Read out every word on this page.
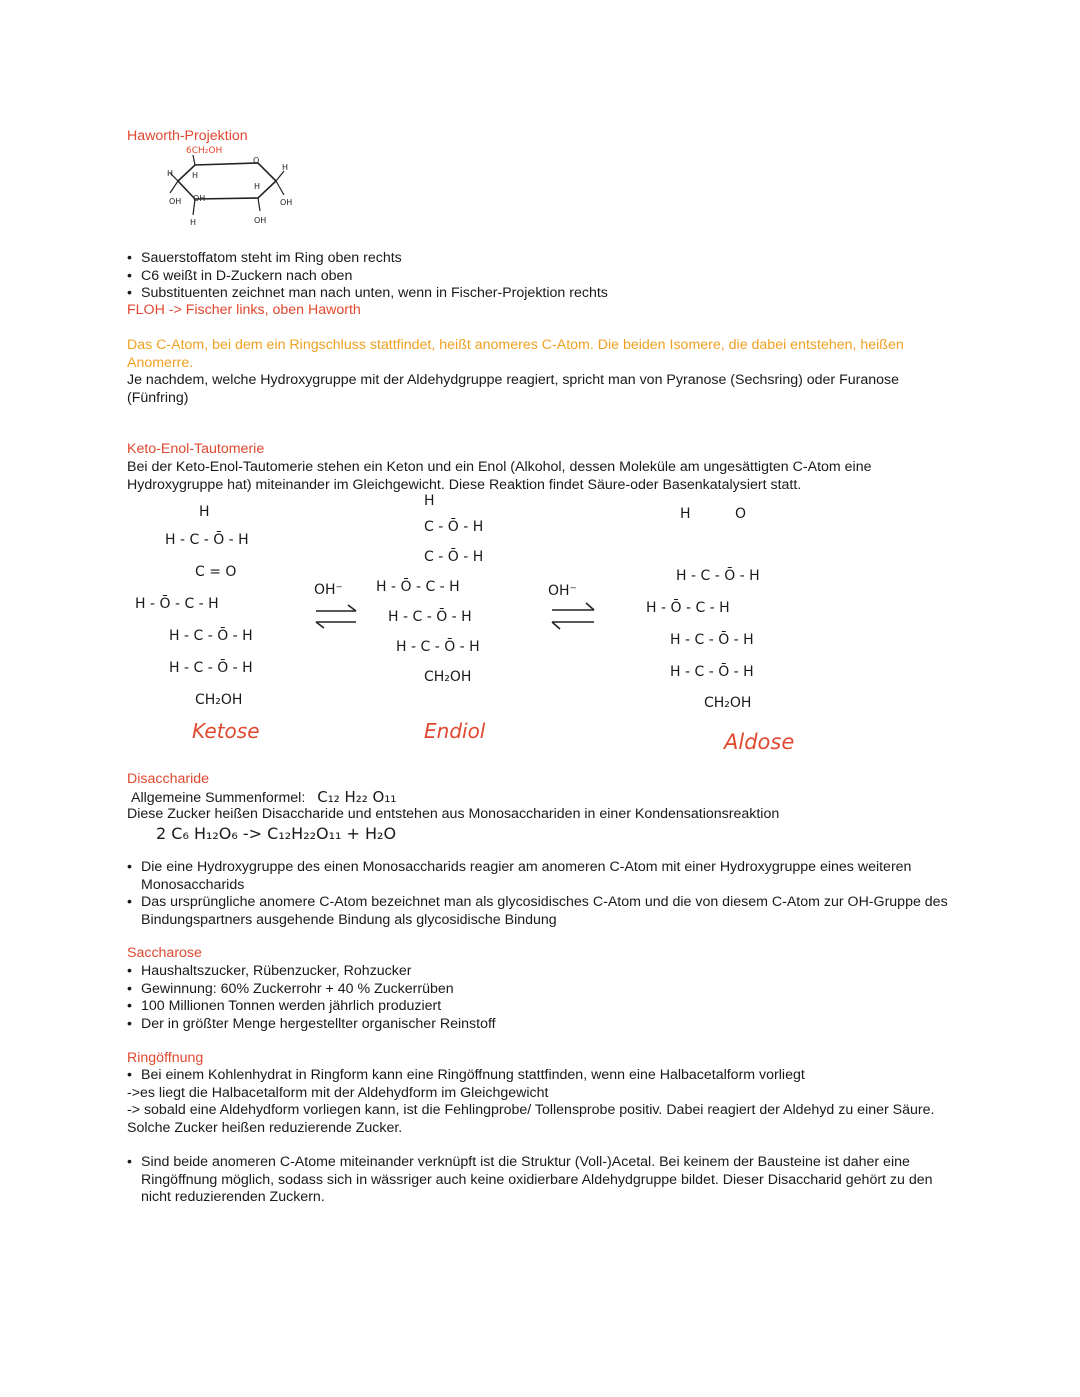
Haworth-Projektion
6CH₂OH
H
OH
H
OH
H
O
H
H
OH
OH
• Sauerstoffatom steht im Ring oben rechts
• C6 weißt in D-Zuckern nach oben
• Substituenten zeichnet man nach unten, wenn in Fischer-Projektion rechts
FLOH -> Fischer links, oben Haworth

Das C-Atom, bei dem ein Ringschluss stattfindet, heißt anomeres C-Atom. Die beiden Isomere, die dabei entstehen, heißen Anomerre.

Je nachdem, welche Hydroxygruppe mit der Aldehydgruppe reagiert, spricht man von Pyranose (Sechsring) oder Furanose (Fünfring)

Keto-Enol-Tautomerie

Bei der Keto-Enol-Tautomerie stehen ein Keton und ein Enol (Alkohol, dessen Moleküle am ungesättigten C-Atom eine Hydroxygruppe hat) miteinander im Gleichgewicht. Diese Reaktion findet Säure-oder Basenkatalysiert statt.

H
H - C - Ō - H
C = O
H - Ō - C - H
H - C - Ō - H
H - C - Ō - H
CH₂OH
Ketose
OH⁻
H
C - Ō - H
C - Ō - H
H - Ō - C - H
H - C - Ō - H
H - C - Ō - H
CH₂OH
Endiol
OH⁻
H	O
H - C - Ō - H
H - Ō - C - H
H - C - Ō - H
H - C - Ō - H
CH₂OH
Aldose
Disaccharide
Allgemeine Summenformel: C₁₂ H₂₂ O₁₁

Diese Zucker heißen Disaccharide und entstehen aus Monosacchariden in einer Kondensationsreaktion

2 C₆ H₁₂O₆ -> C₁₂H₂₂O₁₁ + H₂O
• Die eine Hydroxygruppe des einen Monosaccharids reagier am anomeren C-Atom mit einer Hydroxygruppe eines weiteren Monosaccharids
• Das ursprüngliche anomere C-Atom bezeichnet man als glycosidisches C-Atom und die von diesem C-Atom zur OH-Gruppe des Bindungspartners ausgehende Bindung als glycosidische Bindung
Saccharose
• Haushaltszucker, Rübenzucker, Rohzucker
• Gewinnung: 60% Zuckerrohr + 40 % Zuckerrüben
• 100 Millionen Tonnen werden jährlich produziert
• Der in größter Menge hergestellter organischer Reinstoff
Ringöffnung
• Bei einem Kohlenhydrat in Ringform kann eine Ringöffnung stattfinden, wenn eine Halbacetalform vorliegt

->es liegt die Halbacetalform mit der Aldehydform im Gleichgewicht

-> sobald eine Aldehydform vorliegen kann, ist die Fehlingprobe/ Tollensprobe positiv. Dabei reagiert der Aldehyd zu einer Säure. Solche Zucker heißen reduzierende Zucker.

• Sind beide anomeren C-Atome miteinander verknüpft ist die Struktur (Voll-)Acetal. Bei keinem der Bausteine ist daher eine Ringöffnung möglich, sodass sich in wässriger auch keine oxidierbare Aldehydgruppe bildet. Dieser Disaccharid gehört zu den nicht reduzierenden Zuckern.
